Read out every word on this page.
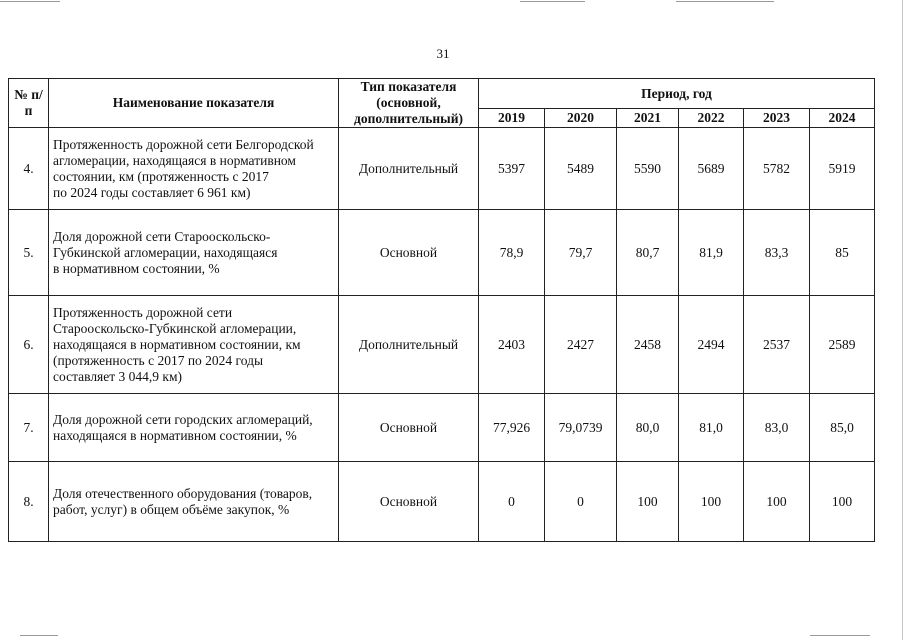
31
№ п/п	Наименование показателя	Тип показателя (основной, дополнительный)	Период, год					
			2019	2020	2021	2022	2023	2024
4.	Протяженность дорожной сети Белгородской
агломерации, находящаяся в нормативном
состоянии, км (протяженность с 2017
по 2024 годы составляет 6 961 км)	Дополнительный	5397	5489	5590	5689	5782	5919
5.	Доля дорожной сети Старооскольско-
Губкинской агломерации, находящаяся
в нормативном состоянии, %	Основной	78,9	79,7	80,7	81,9	83,3	85
6.	Протяженность дорожной сети
Старооскольско-Губкинской агломерации,
находящаяся в нормативном состоянии, км
(протяженность с 2017 по 2024 годы
составляет 3 044,9 км)	Дополнительный	2403	2427	2458	2494	2537	2589
7.	Доля дорожной сети городских агломераций,
находящаяся в нормативном состоянии, %	Основной	77,926	79,0739	80,0	81,0	83,0	85,0
8.	Доля отечественного оборудования (товаров,
работ, услуг) в общем объёме закупок, %	Основной	0	0	100	100	100	100
